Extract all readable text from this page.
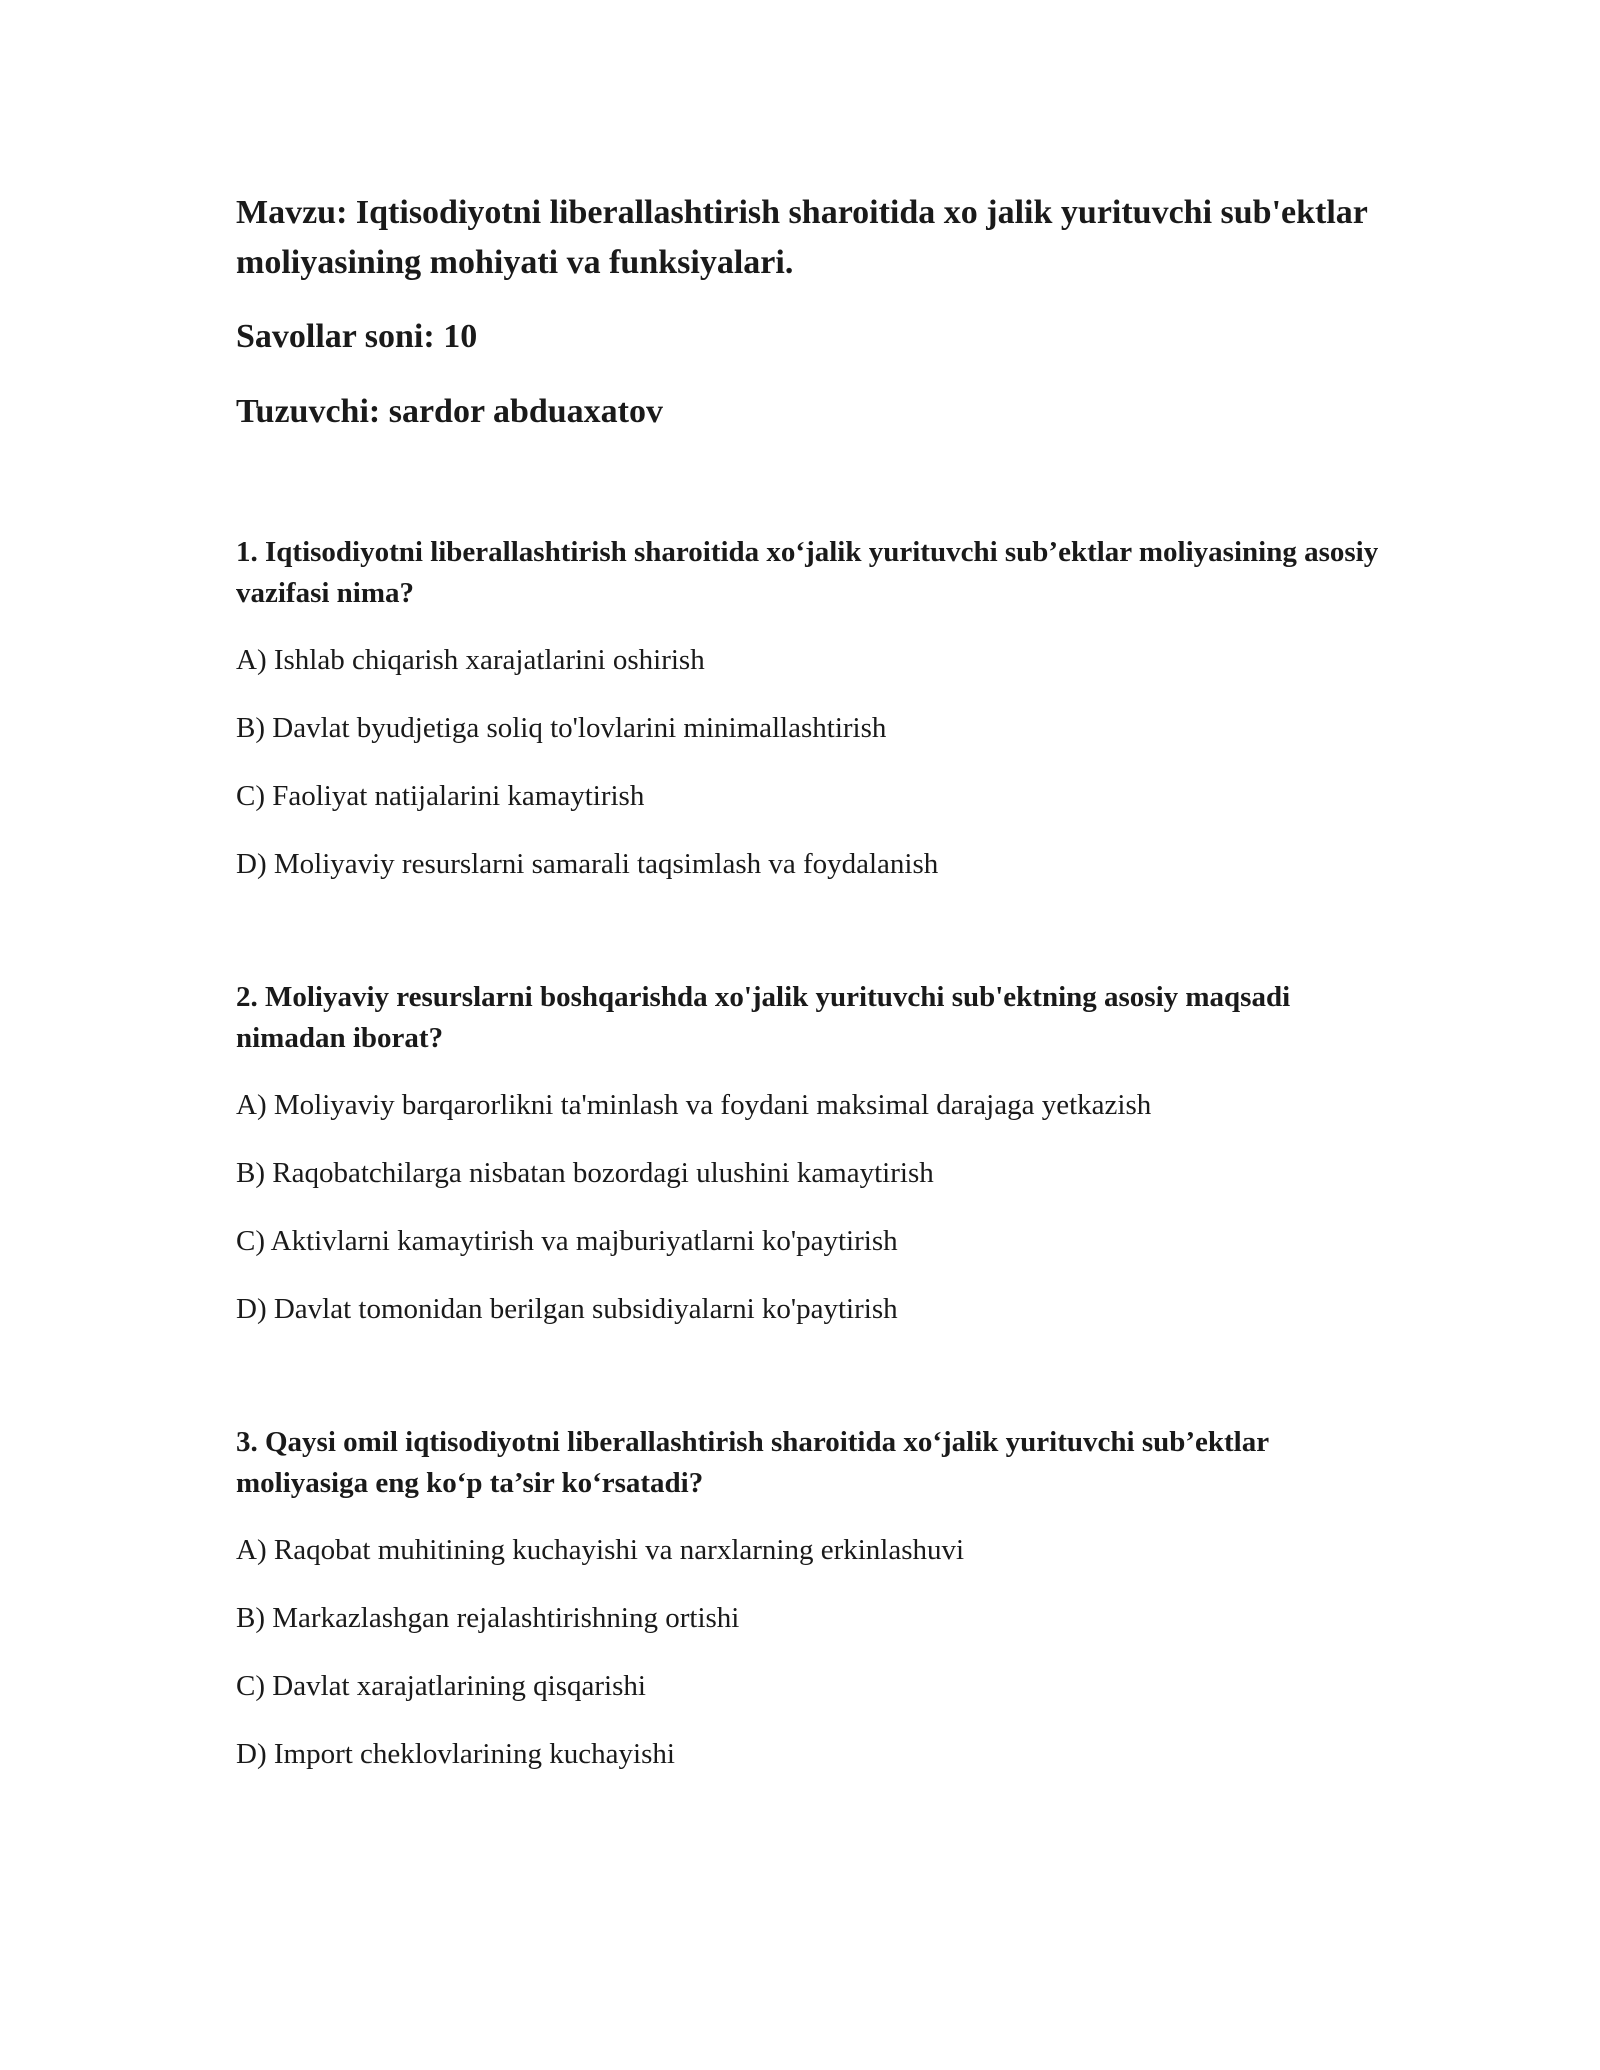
Mavzu: Iqtisodiyotni liberallashtirish sharoitida xo jalik yurituvchi sub'ektlar moliyasining mohiyati va funksiyalari.

Savollar soni: 10

Tuzuvchi: sardor abduaxatov

1. Iqtisodiyotni liberallashtirish sharoitida xo‘jalik yurituvchi sub’ektlar moliyasining asosiy vazifasi nima?

A) Ishlab chiqarish xarajatlarini oshirish
B) Davlat byudjetiga soliq to'lovlarini minimallashtirish
C) Faoliyat natijalarini kamaytirish
D) Moliyaviy resurslarni samarali taqsimlash va foydalanish

2. Moliyaviy resurslarni boshqarishda xo'jalik yurituvchi sub'ektning asosiy maqsadi nimadan iborat?

A) Moliyaviy barqarorlikni ta'minlash va foydani maksimal darajaga yetkazish
B) Raqobatchilarga nisbatan bozordagi ulushini kamaytirish
C) Aktivlarni kamaytirish va majburiyatlarni ko'paytirish
D) Davlat tomonidan berilgan subsidiyalarni ko'paytirish

3. Qaysi omil iqtisodiyotni liberallashtirish sharoitida xo‘jalik yurituvchi sub’ektlar moliyasiga eng ko‘p ta’sir ko‘rsatadi?

A) Raqobat muhitining kuchayishi va narxlarning erkinlashuvi
B) Markazlashgan rejalashtirishning ortishi
C) Davlat xarajatlarining qisqarishi
D) Import cheklovlarining kuchayishi
